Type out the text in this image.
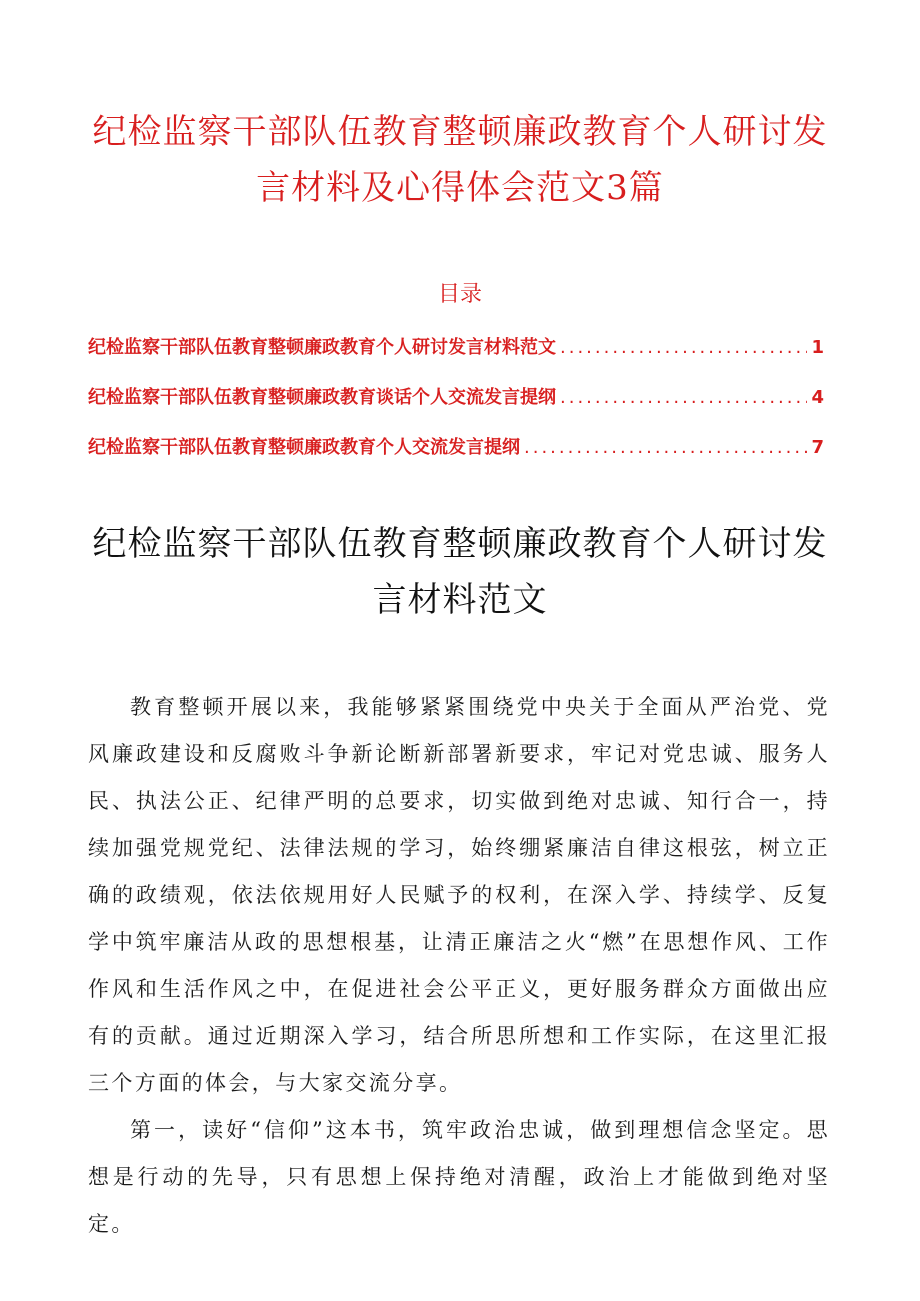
纪检监察干部队伍教育整顿廉政教育个人研讨发言材料及心得体会范文3篇
目录
纪检监察干部队伍教育整顿廉政教育个人研讨发言材料范文 .....	1
纪检监察干部队伍教育整顿廉政教育谈话个人交流发言提纲 .....	4
纪检监察干部队伍教育整顿廉政教育个人交流发言提纲 .....	7
纪检监察干部队伍教育整顿廉政教育个人研讨发言材料范文

教育整顿开展以来，我能够紧紧围绕党中央关于全面从严治党、党风廉政建设和反腐败斗争新论断新部署新要求，牢记对党忠诚、服务人民、执法公正、纪律严明的总要求，切实做到绝对忠诚、知行合一，持续加强党规党纪、法律法规的学习，始终绷紧廉洁自律这根弦，树立正确的政绩观，依法依规用好人民赋予的权利，在深入学、持续学、反复学中筑牢廉洁从政的思想根基，让清正廉洁之火“燃”在思想作风、工作作风和生活作风之中，在促进社会公平正义，更好服务群众方面做出应有的贡献。通过近期深入学习，结合所思所想和工作实际，在这里汇报三个方面的体会，与大家交流分享。

第一，读好“信仰”这本书，筑牢政治忠诚，做到理想信念坚定。思想是行动的先导，只有思想上保持绝对清醒，政治上才能做到绝对坚定。
